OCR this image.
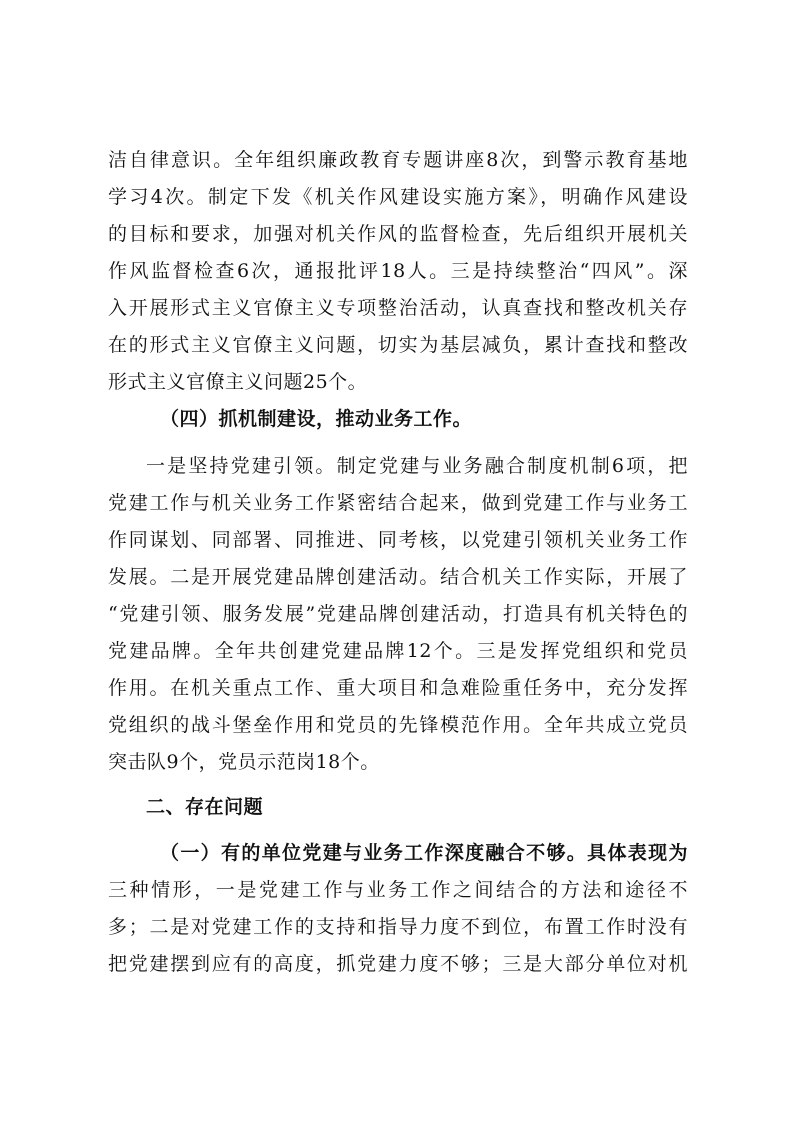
洁自律意识。全年组织廉政教育专题讲座8次，到警示教育基地
学习4次。制定下发《机关作风建设实施方案》，明确作风建设
的目标和要求，加强对机关作风的监督检查，先后组织开展机关
作风监督检查6次，通报批评18人。三是持续整治“四风”。深
入开展形式主义官僚主义专项整治活动，认真查找和整改机关存
在的形式主义官僚主义问题，切实为基层减负，累计查找和整改
形式主义官僚主义问题25个。
（四）抓机制建设，推动业务工作。
一是坚持党建引领。制定党建与业务融合制度机制6项，把
党建工作与机关业务工作紧密结合起来，做到党建工作与业务工
作同谋划、同部署、同推进、同考核，以党建引领机关业务工作
发展。二是开展党建品牌创建活动。结合机关工作实际，开展了
“党建引领、服务发展”党建品牌创建活动，打造具有机关特色的
党建品牌。全年共创建党建品牌12个。三是发挥党组织和党员
作用。在机关重点工作、重大项目和急难险重任务中，充分发挥
党组织的战斗堡垒作用和党员的先锋模范作用。全年共成立党员
突击队9个，党员示范岗18个。
二、存在问题
（一）有的单位党建与业务工作深度融合不够。具体表现为
三种情形，一是党建工作与业务工作之间结合的方法和途径不
多；二是对党建工作的支持和指导力度不到位，布置工作时没有
把党建摆到应有的高度，抓党建力度不够；三是大部分单位对机
